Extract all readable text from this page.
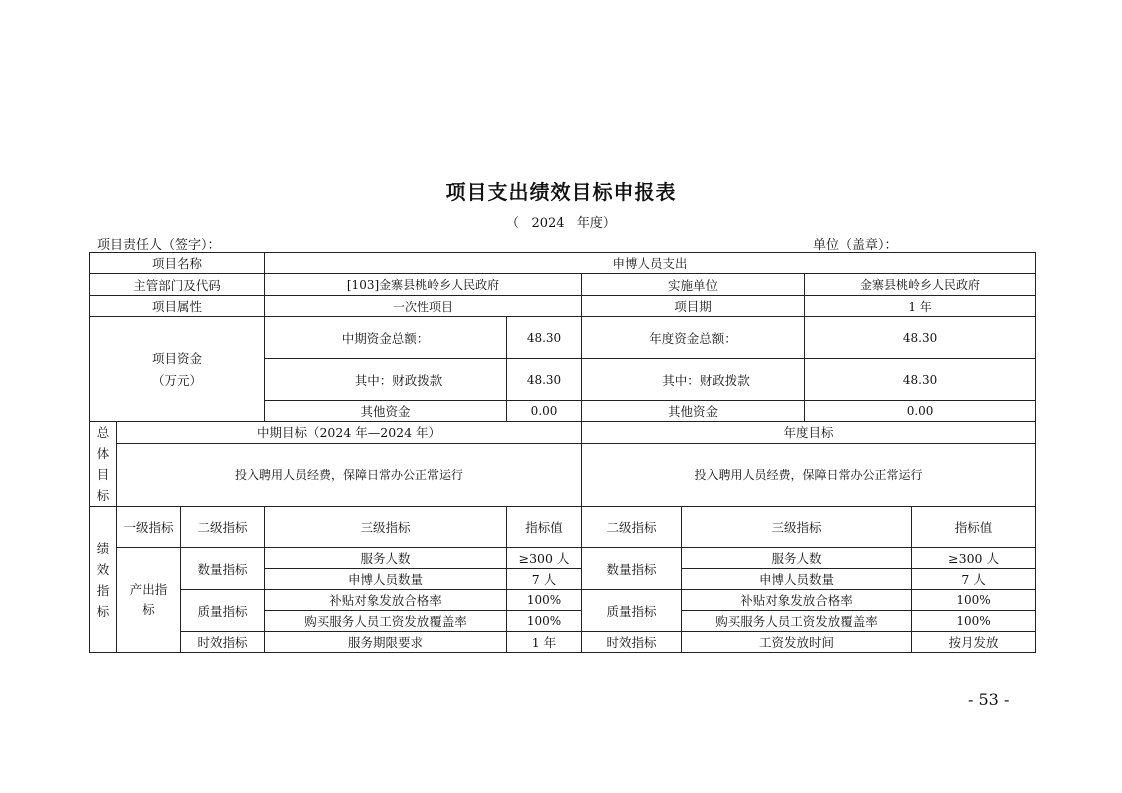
项目支出绩效目标申报表
（   2024   年度）
项目责任人（签字）：	单位（盖章）：
项目名称			申博人员支出					
主管部门及代码			[103]金寨县桃岭乡人民政府		实施单位		金寨县桃岭乡人民政府	
项目属性			一次性项目		项目期		1 年	

项目资金
（万元）			中期资金总额：	48.30	年度资金总额：		48.30	
			其中：财政拨款	48.30	其中：财政拨款		48.30	
			其他资金	0.00	其他资金		0.00	

总
体
目
标	中期目标（2024 年—2024 年）				年度目标			
	投入聘用人员经费，保障日常办公正常运行				投入聘用人员经费，保障日常办公正常运行			

绩
效
指
标	一级指标	二级指标	三级指标	指标值	二级指标	三级指标		指标值
	产出指标	数量指标	服务人数	≥300 人	数量指标	服务人数		≥300 人
			申博人员数量	7 人		申博人员数量		7 人
		质量指标	补贴对象发放合格率	100%	质量指标	补贴对象发放合格率		100%
			购买服务人员工资发放覆盖率	100%		购买服务人员工资发放覆盖率		100%
		时效指标	服务期限要求	1 年	时效指标	工资发放时间		按月发放
- 53 -
